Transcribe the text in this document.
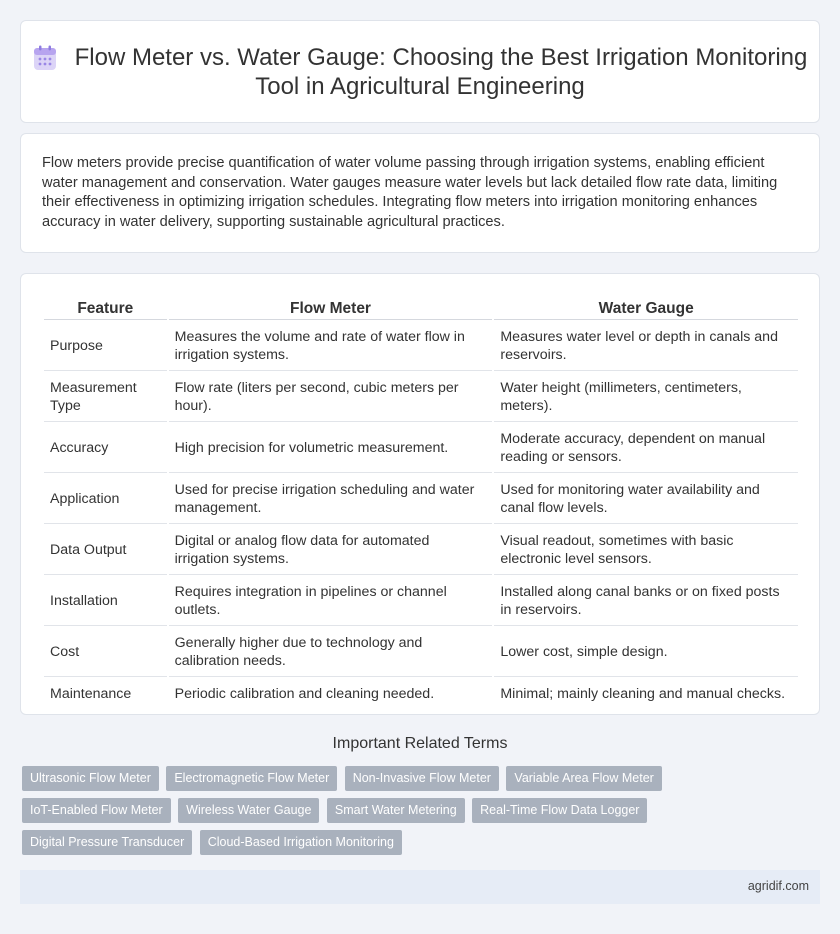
Flow Meter vs. Water Gauge: Choosing the Best Irrigation Monitoring Tool in Agricultural Engineering

Flow meters provide precise quantification of water volume passing through irrigation systems, enabling efficient water management and conservation. Water gauges measure water levels but lack detailed flow rate data, limiting their effectiveness in optimizing irrigation schedules. Integrating flow meters into irrigation monitoring enhances accuracy in water delivery, supporting sustainable agricultural practices.

Feature	Flow Meter	Water Gauge
Purpose	Measures the volume and rate of water flow in irrigation systems.	Measures water level or depth in canals and reservoirs.
Measurement Type	Flow rate (liters per second, cubic meters per hour).	Water height (millimeters, centimeters, meters).
Accuracy	High precision for volumetric measurement.	Moderate accuracy, dependent on manual reading or sensors.
Application	Used for precise irrigation scheduling and water management.	Used for monitoring water availability and canal flow levels.
Data Output	Digital or analog flow data for automated irrigation systems.	Visual readout, sometimes with basic electronic level sensors.
Installation	Requires integration in pipelines or channel outlets.	Installed along canal banks or on fixed posts in reservoirs.
Cost	Generally higher due to technology and calibration needs.	Lower cost, simple design.
Maintenance	Periodic calibration and cleaning needed.	Minimal; mainly cleaning and manual checks.
Important Related Terms
Ultrasonic Flow Meter Electromagnetic Flow Meter Non-Invasive Flow Meter Variable Area Flow Meter IoT-Enabled Flow Meter Wireless Water Gauge Smart Water Metering Real-Time Flow Data Logger Digital Pressure Transducer Cloud-Based Irrigation Monitoring
agridif.com
